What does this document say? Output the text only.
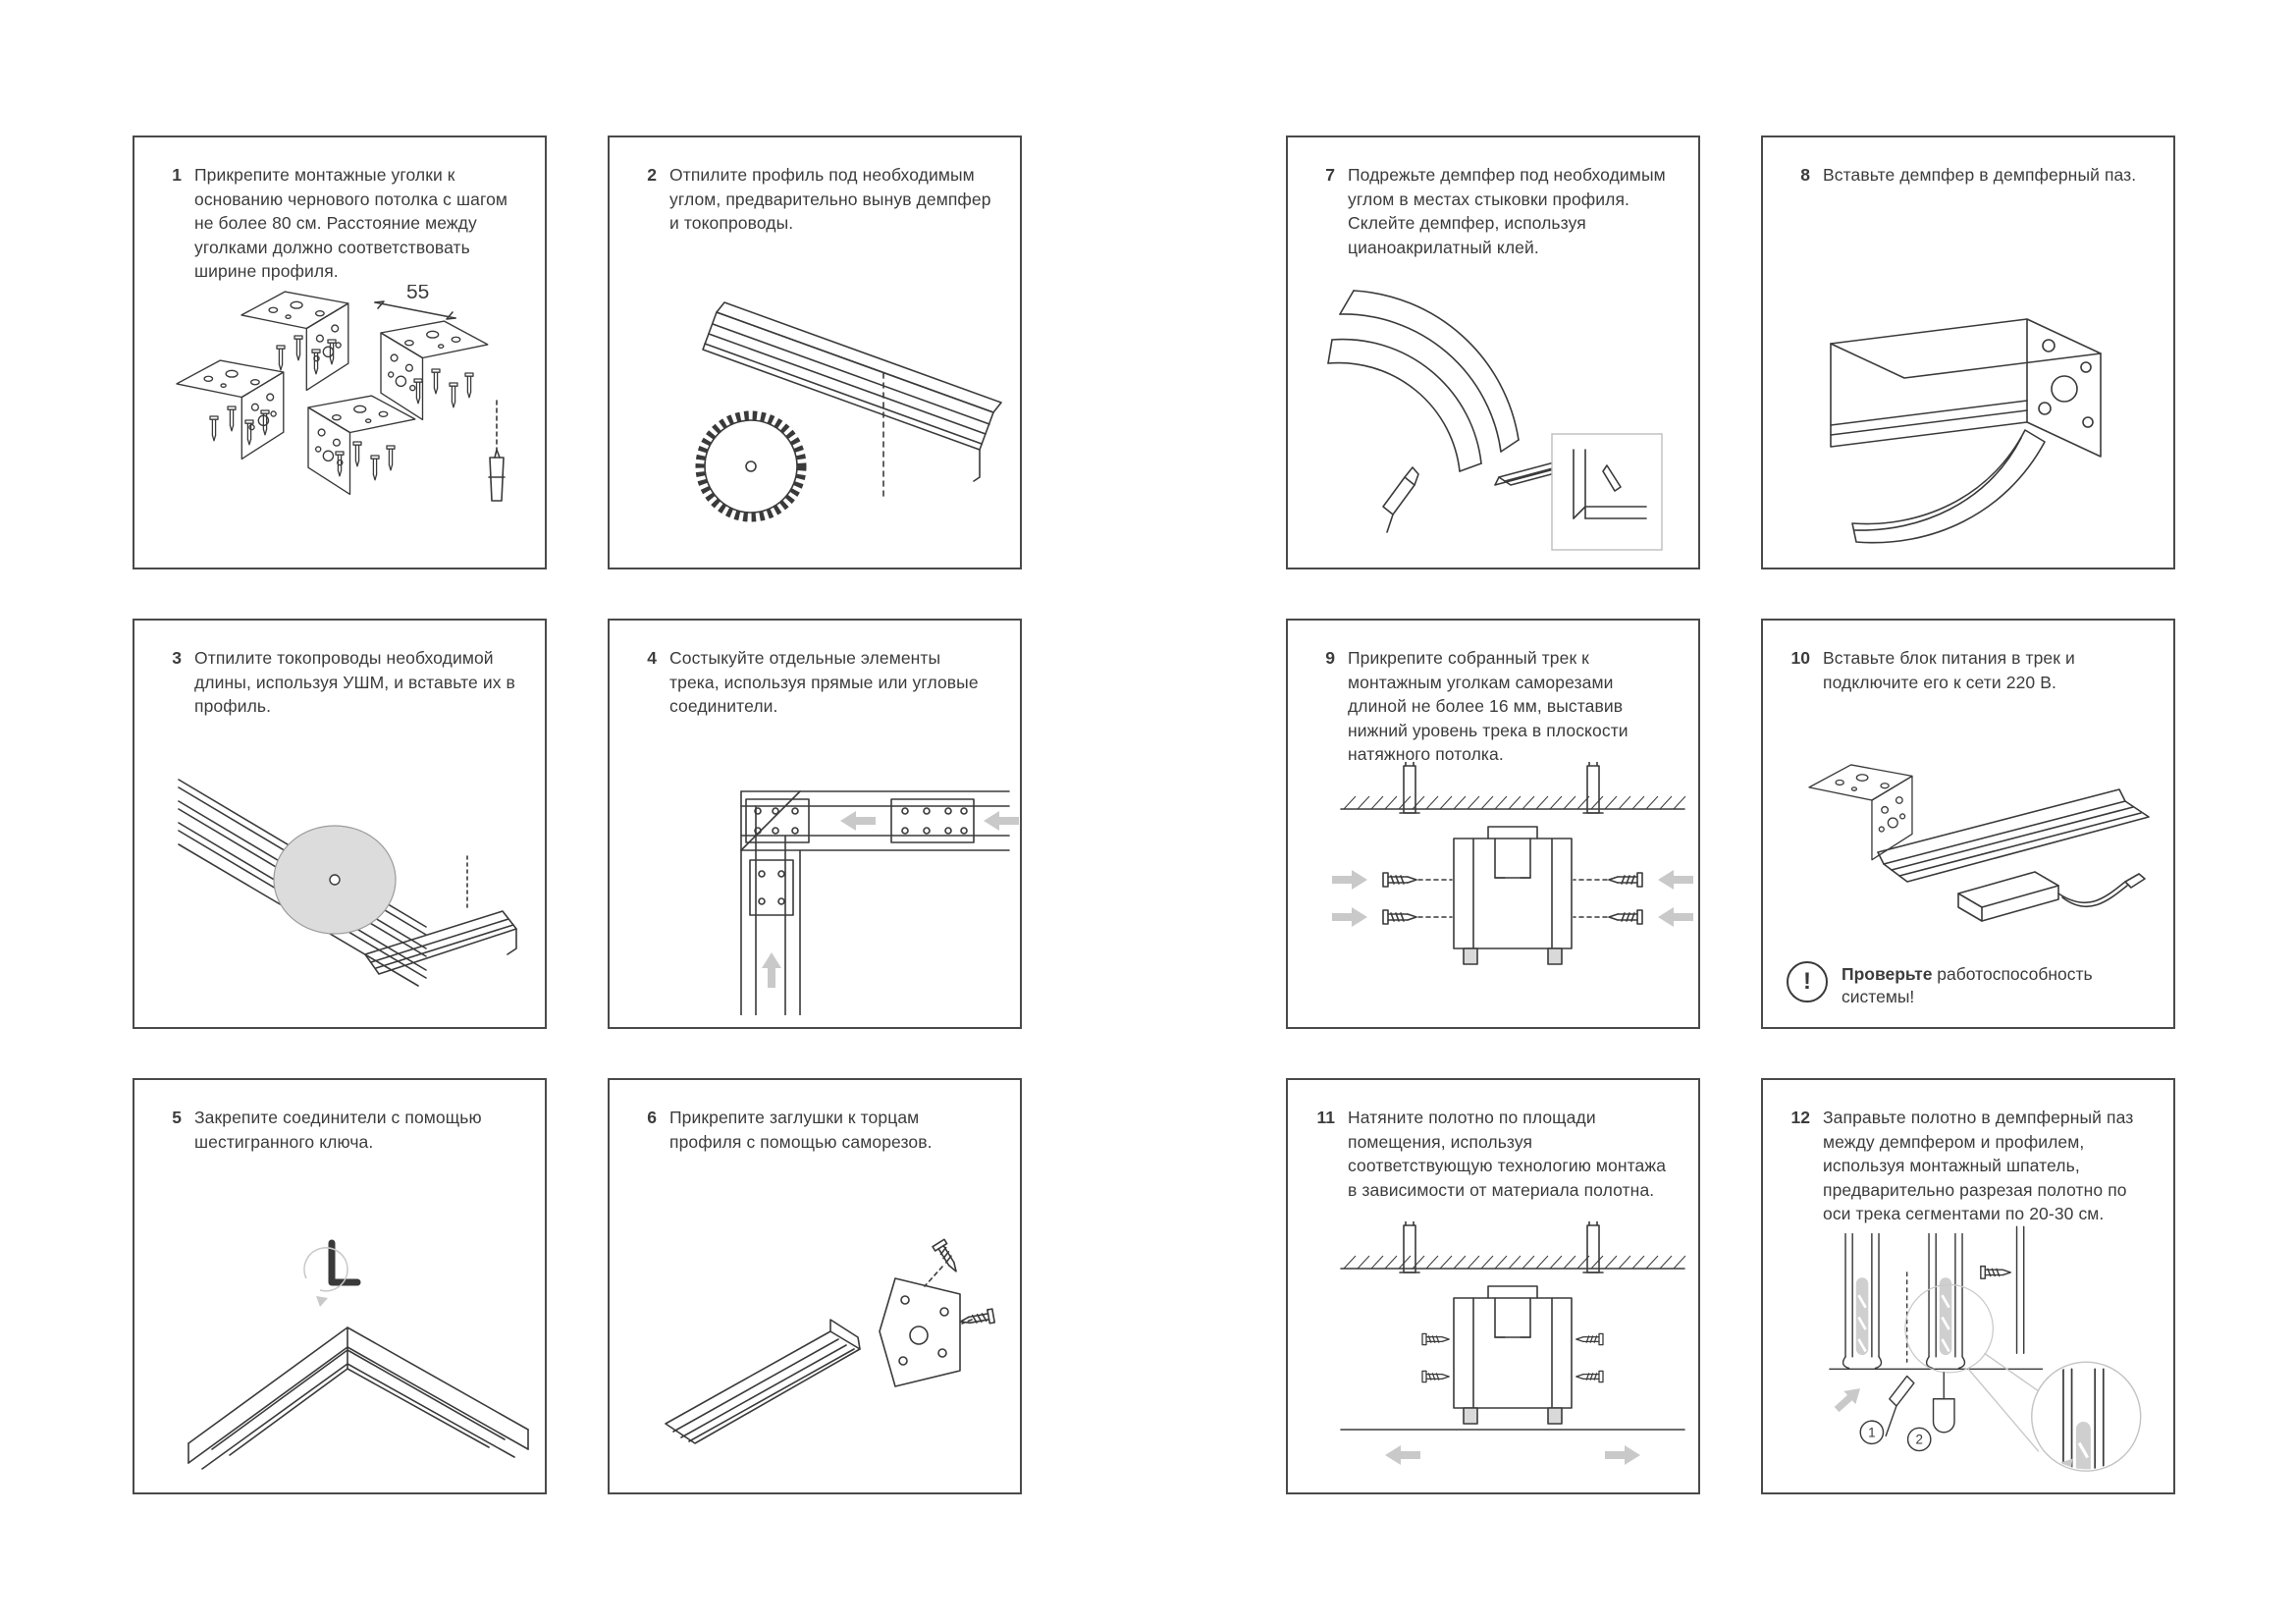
1 Прикрепите монтажные уголки к основанию чернового потолка с шагом не более 80 см. Расстояние между уголками должно соответствовать ширине профиля.

55
2 Отпилите профиль под необходимым углом, предварительно вынув демпфер и токопроводы.

3 Отпилите токопроводы необходимой длины, используя УШМ, и вставьте их в профиль.

4 Состыкуйте отдельные элементы трека, используя прямые или угловые соединители.

5 Закрепите соединители с помощью шестигранного ключа.

6 Прикрепите заглушки к торцам профиля с помощью саморезов.

7 Подрежьте демпфер под необходимым углом в местах стыковки профиля. Склейте демпфер, используя цианоакрилатный клей.

8 Вставьте демпфер в демпферный паз.

9 Прикрепите собранный трек к монтажным уголкам саморезами длиной не более 16 мм, выставив нижний уровень трека в плоскости натяжного потолка.

10 Вставьте блок питания в трек и подключите его к сети 220 В.

! Проверьте работоспособность системы!

11 Натяните полотно по площади помещения, используя соответствующую технологию монтажа в зависимости от материала полотна.

12 Заправьте полотно в демпферный паз между демпфером и профилем, используя монтажный шпатель, предварительно разрезая полотно по оси трека сегментами по 20-30 см.

1	2
